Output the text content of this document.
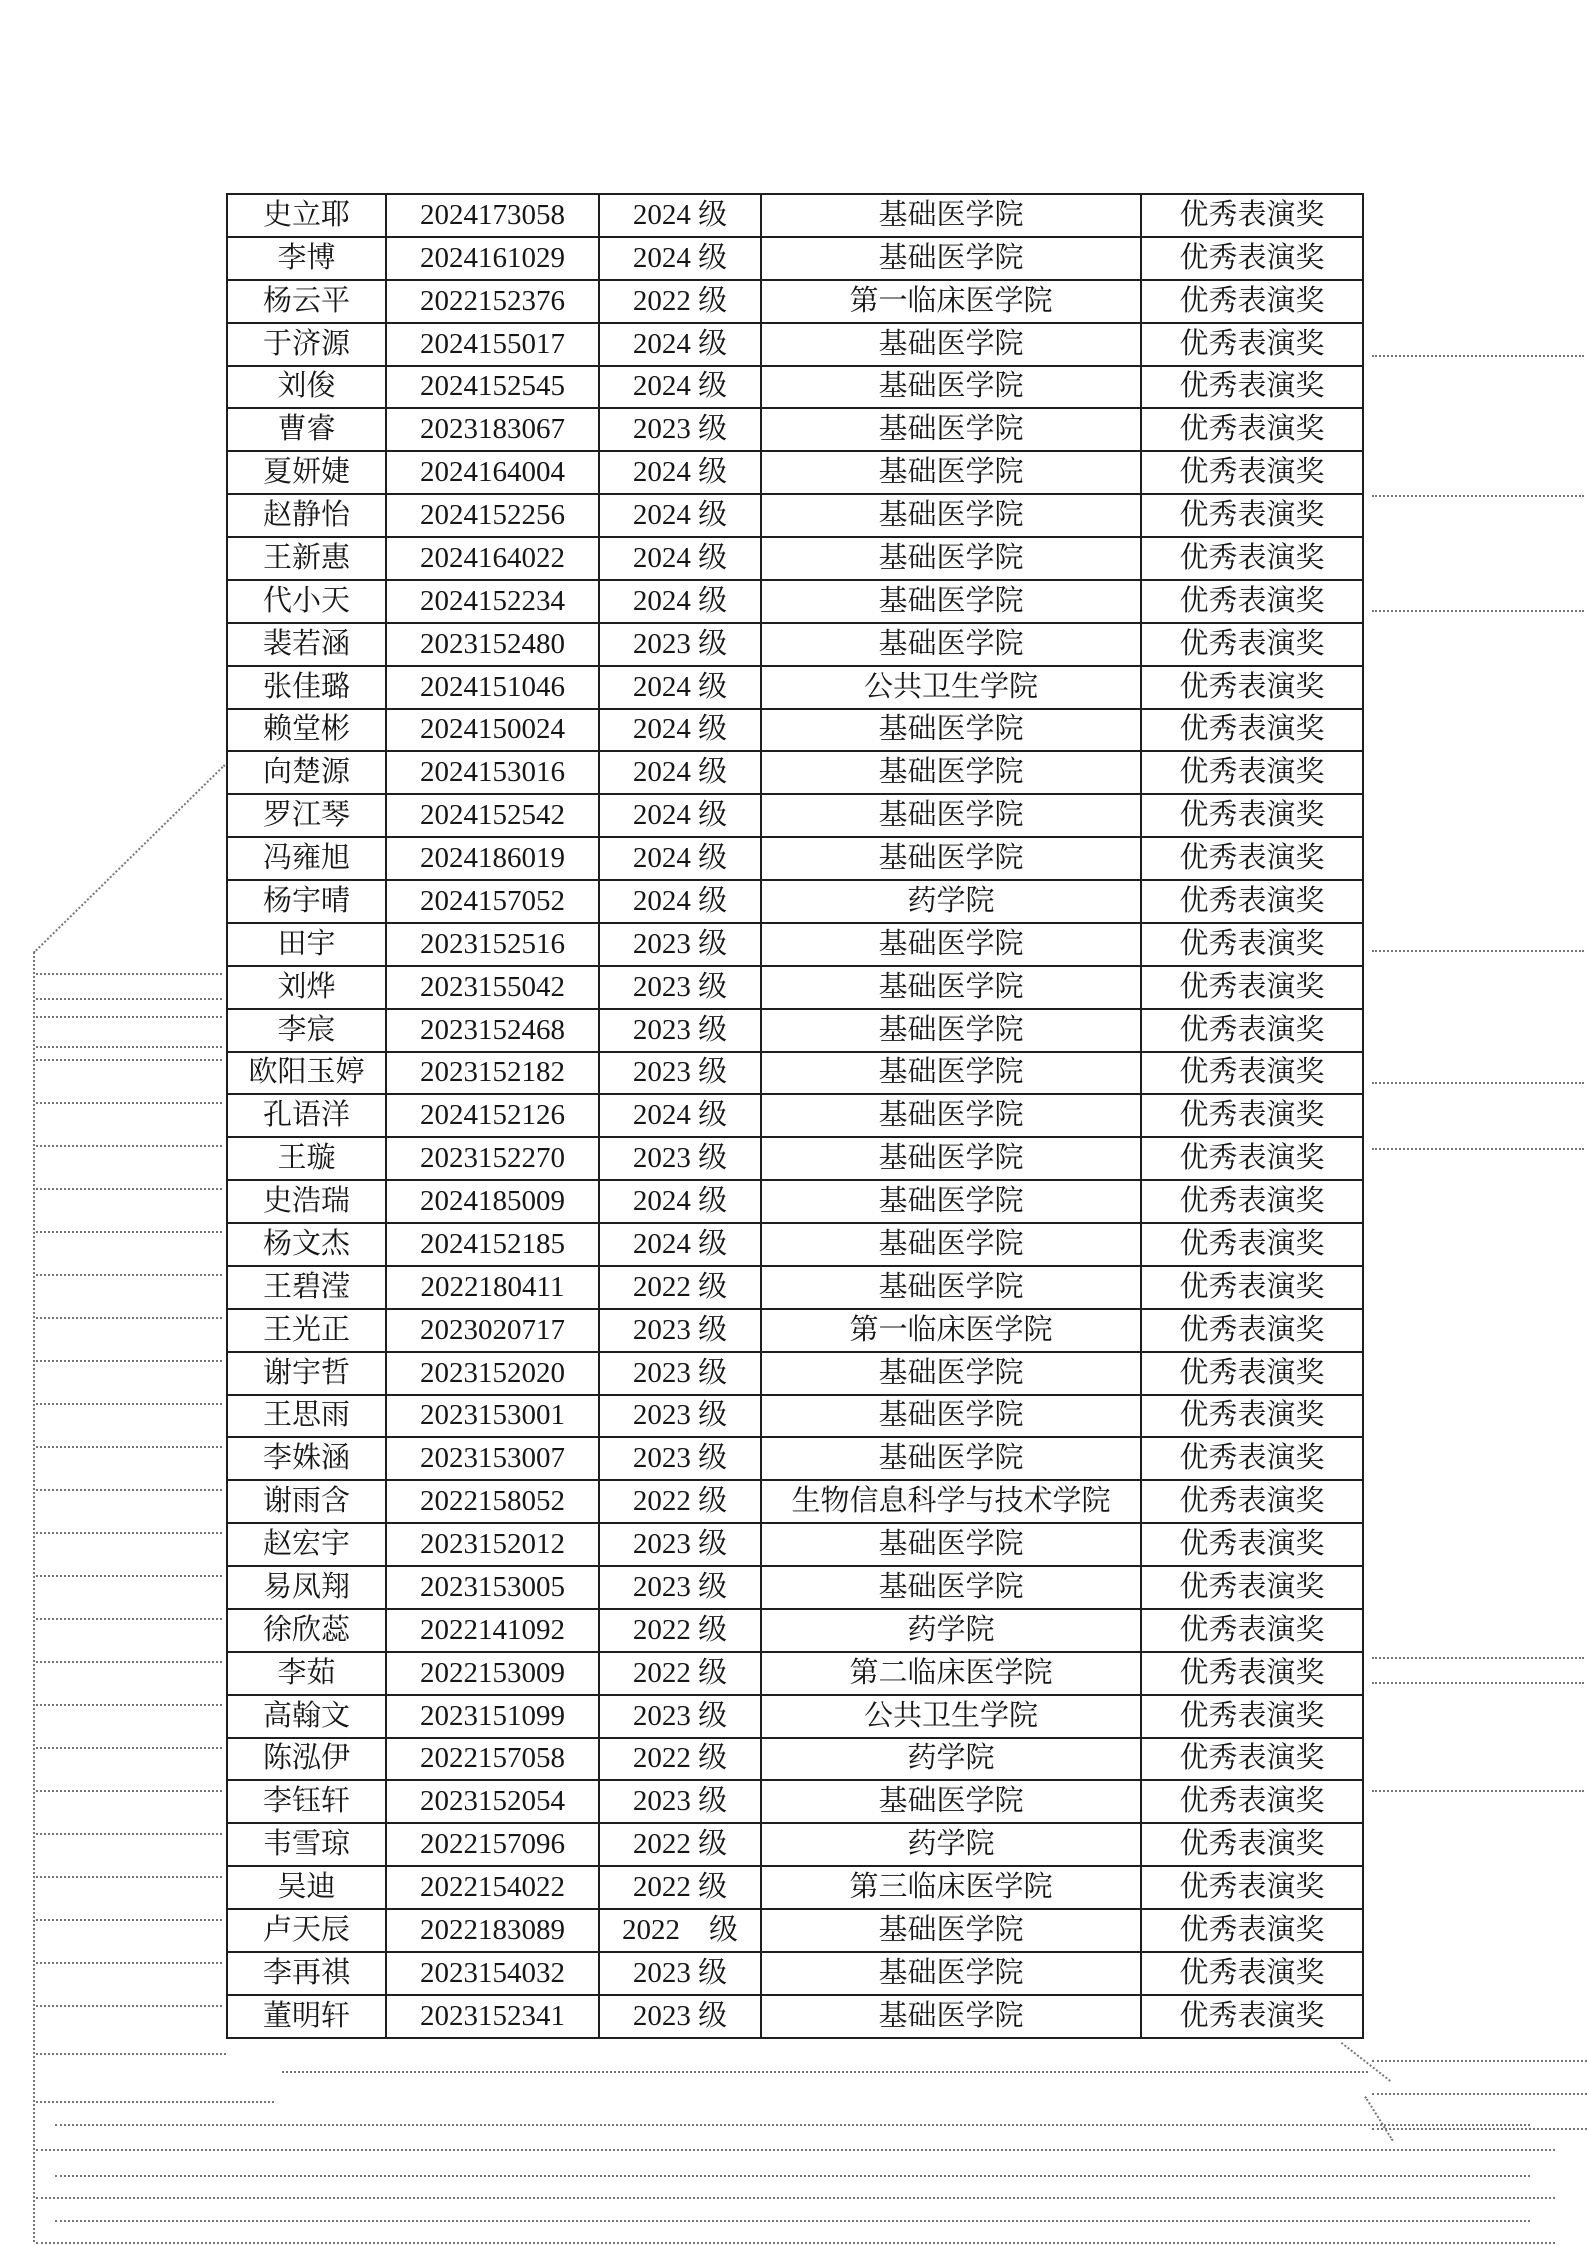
史立耶	2024173058	2024 级	基础医学院	优秀表演奖
李博	2024161029	2024 级	基础医学院	优秀表演奖
杨云平	2022152376	2022 级	第一临床医学院	优秀表演奖
于济源	2024155017	2024 级	基础医学院	优秀表演奖
刘俊	2024152545	2024 级	基础医学院	优秀表演奖
曹睿	2023183067	2023 级	基础医学院	优秀表演奖
夏妍婕	2024164004	2024 级	基础医学院	优秀表演奖
赵静怡	2024152256	2024 级	基础医学院	优秀表演奖
王新惠	2024164022	2024 级	基础医学院	优秀表演奖
代小天	2024152234	2024 级	基础医学院	优秀表演奖
裴若涵	2023152480	2023 级	基础医学院	优秀表演奖
张佳璐	2024151046	2024 级	公共卫生学院	优秀表演奖
赖堂彬	2024150024	2024 级	基础医学院	优秀表演奖
向楚源	2024153016	2024 级	基础医学院	优秀表演奖
罗江琴	2024152542	2024 级	基础医学院	优秀表演奖
冯雍旭	2024186019	2024 级	基础医学院	优秀表演奖
杨宇晴	2024157052	2024 级	药学院	优秀表演奖
田宇	2023152516	2023 级	基础医学院	优秀表演奖
刘烨	2023155042	2023 级	基础医学院	优秀表演奖
李宸	2023152468	2023 级	基础医学院	优秀表演奖
欧阳玉婷	2023152182	2023 级	基础医学院	优秀表演奖
孔语洋	2024152126	2024 级	基础医学院	优秀表演奖
王璇	2023152270	2023 级	基础医学院	优秀表演奖
史浩瑞	2024185009	2024 级	基础医学院	优秀表演奖
杨文杰	2024152185	2024 级	基础医学院	优秀表演奖
王碧滢	2022180411	2022 级	基础医学院	优秀表演奖
王光正	2023020717	2023 级	第一临床医学院	优秀表演奖
谢宇哲	2023152020	2023 级	基础医学院	优秀表演奖
王思雨	2023153001	2023 级	基础医学院	优秀表演奖
李姝涵	2023153007	2023 级	基础医学院	优秀表演奖
谢雨含	2022158052	2022 级	生物信息科学与技术学院	优秀表演奖
赵宏宇	2023152012	2023 级	基础医学院	优秀表演奖
易凤翔	2023153005	2023 级	基础医学院	优秀表演奖
徐欣蕊	2022141092	2022 级	药学院	优秀表演奖
李茹	2022153009	2022 级	第二临床医学院	优秀表演奖
高翰文	2023151099	2023 级	公共卫生学院	优秀表演奖
陈泓伊	2022157058	2022 级	药学院	优秀表演奖
李钰轩	2023152054	2023 级	基础医学院	优秀表演奖
韦雪琼	2022157096	2022 级	药学院	优秀表演奖
吴迪	2022154022	2022 级	第三临床医学院	优秀表演奖
卢天辰	2022183089	2022　级	基础医学院	优秀表演奖
李再祺	2023154032	2023 级	基础医学院	优秀表演奖
董明轩	2023152341	2023 级	基础医学院	优秀表演奖
